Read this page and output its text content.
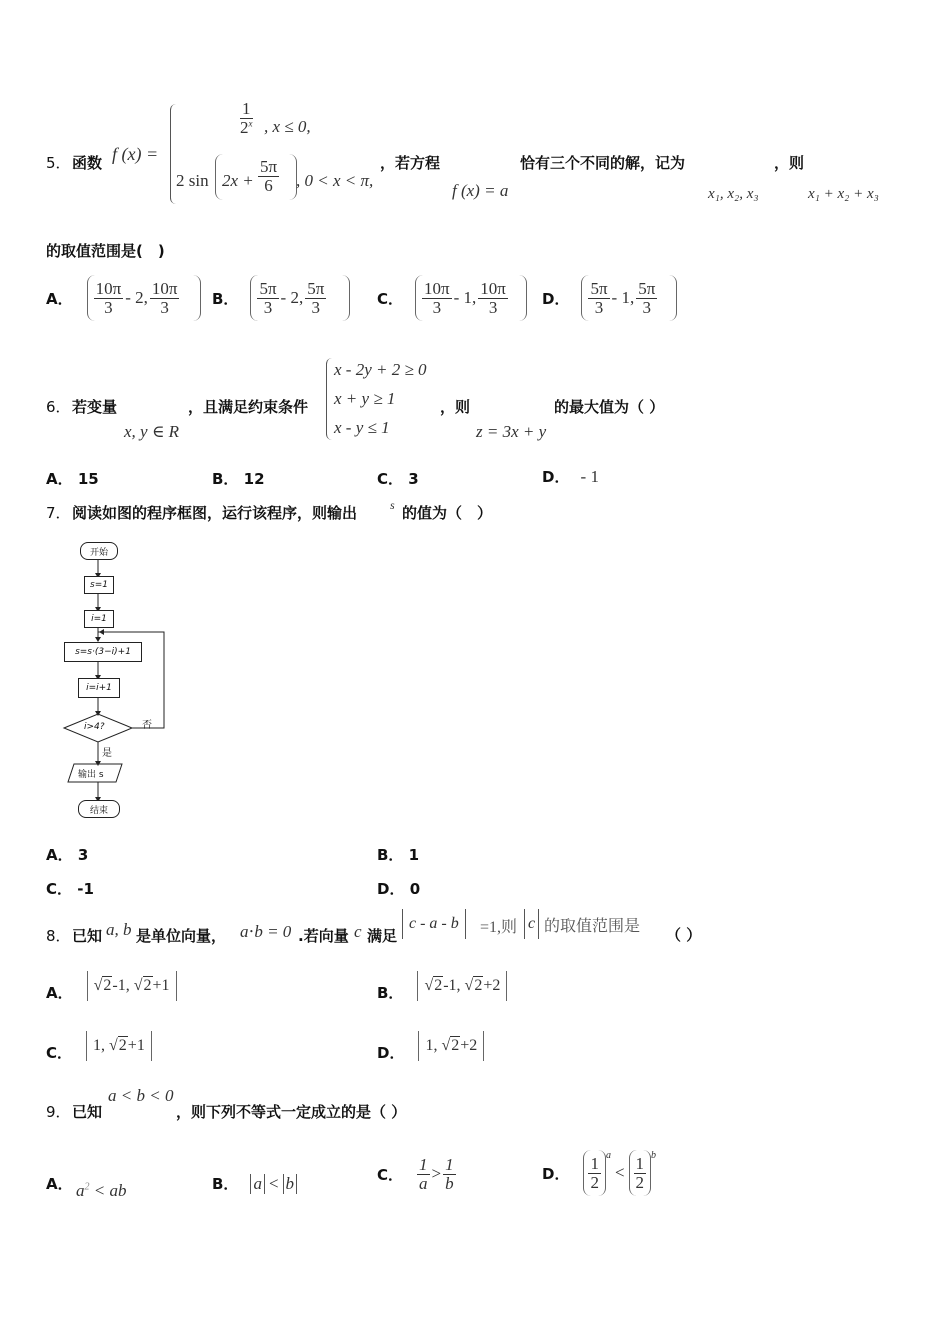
5． 函数 f (x) =
$\frac{1}{2^x}$ , x ≤ 0,
2 $\sin 2x + \frac{5\pi}{6}$ , 0 < x < π,
，若方程
f (x) = a
恰有三个不同的解，记为
x₁, x₂, x₃
，则
x₁ + x₂ + x₃
的取值范围是(　)
A． $\frac{10\pi}{3} - 2$, $\frac{10\pi}{3}$ B． $\frac{5\pi}{3} - 2$, $\frac{5\pi}{3}$	C． $\frac{10\pi}{3} - 1$, $\frac{10\pi}{3}$ D． $\frac{5\pi}{3} - 1$, $\frac{5\pi}{3}$
6． 若变量
x, y ∈ R
，且满足约束条件
x - 2y + 2 ≥ 0
x + y ≥ 1
x - y ≤ 1
，则
z = 3x + y
的最大值为（ ）
A． 15	B． 12	C． 3	D． - 1
7． 阅读如图的程序框图，运行该程序，则输出	s 的值为（　）
开始
s=1
i=1
s=s·(3−i)+1
i=i+1
i>4?	否
是
输出 s
结束
A． 3	B． 1
C． -1	D． 0
8． 已知 a, b 是单位向量， a⋅b = 0 .若向量 c 满足
c - a - b =1,则 c 的取值范围是 （ ）
A．	√ 2 -1, √ 2 +1	B．	√ 2 -1, √ 2 +2
C． 1, √ 2 +1	D． 1, √ 2 +2
9． 已知
a < b < 0
，则下列不等式一定成立的是（ ）
A． $a^2$ < ab	B． a < b	C． $\frac{1}{a} > \frac{1}{b}$	D． $\frac{1}{2} ^a$
< $\frac{1}{2} ^b$
